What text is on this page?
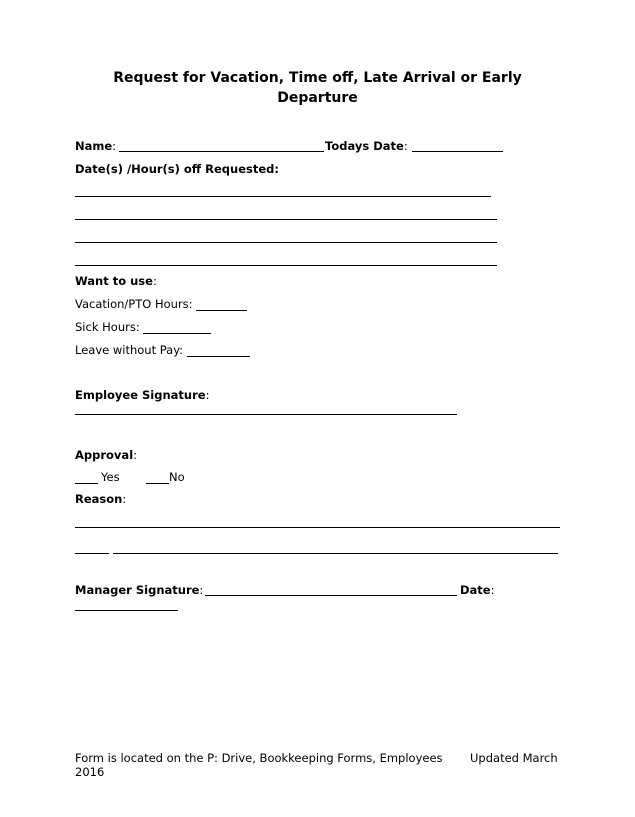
Request for Vacation, Time off, Late Arrival or Early
Departure
Name:	Todays Date:
Date(s) /Hour(s) off Requested:
Want to use:
Vacation/PTO Hours:
Sick Hours:
Leave without Pay:
Employee Signature:
Approval:
Yes	No
Reason:
Manager Signature:	Date:
Form is located on the P: Drive, Bookkeeping Forms, Employees Updated March
2016
